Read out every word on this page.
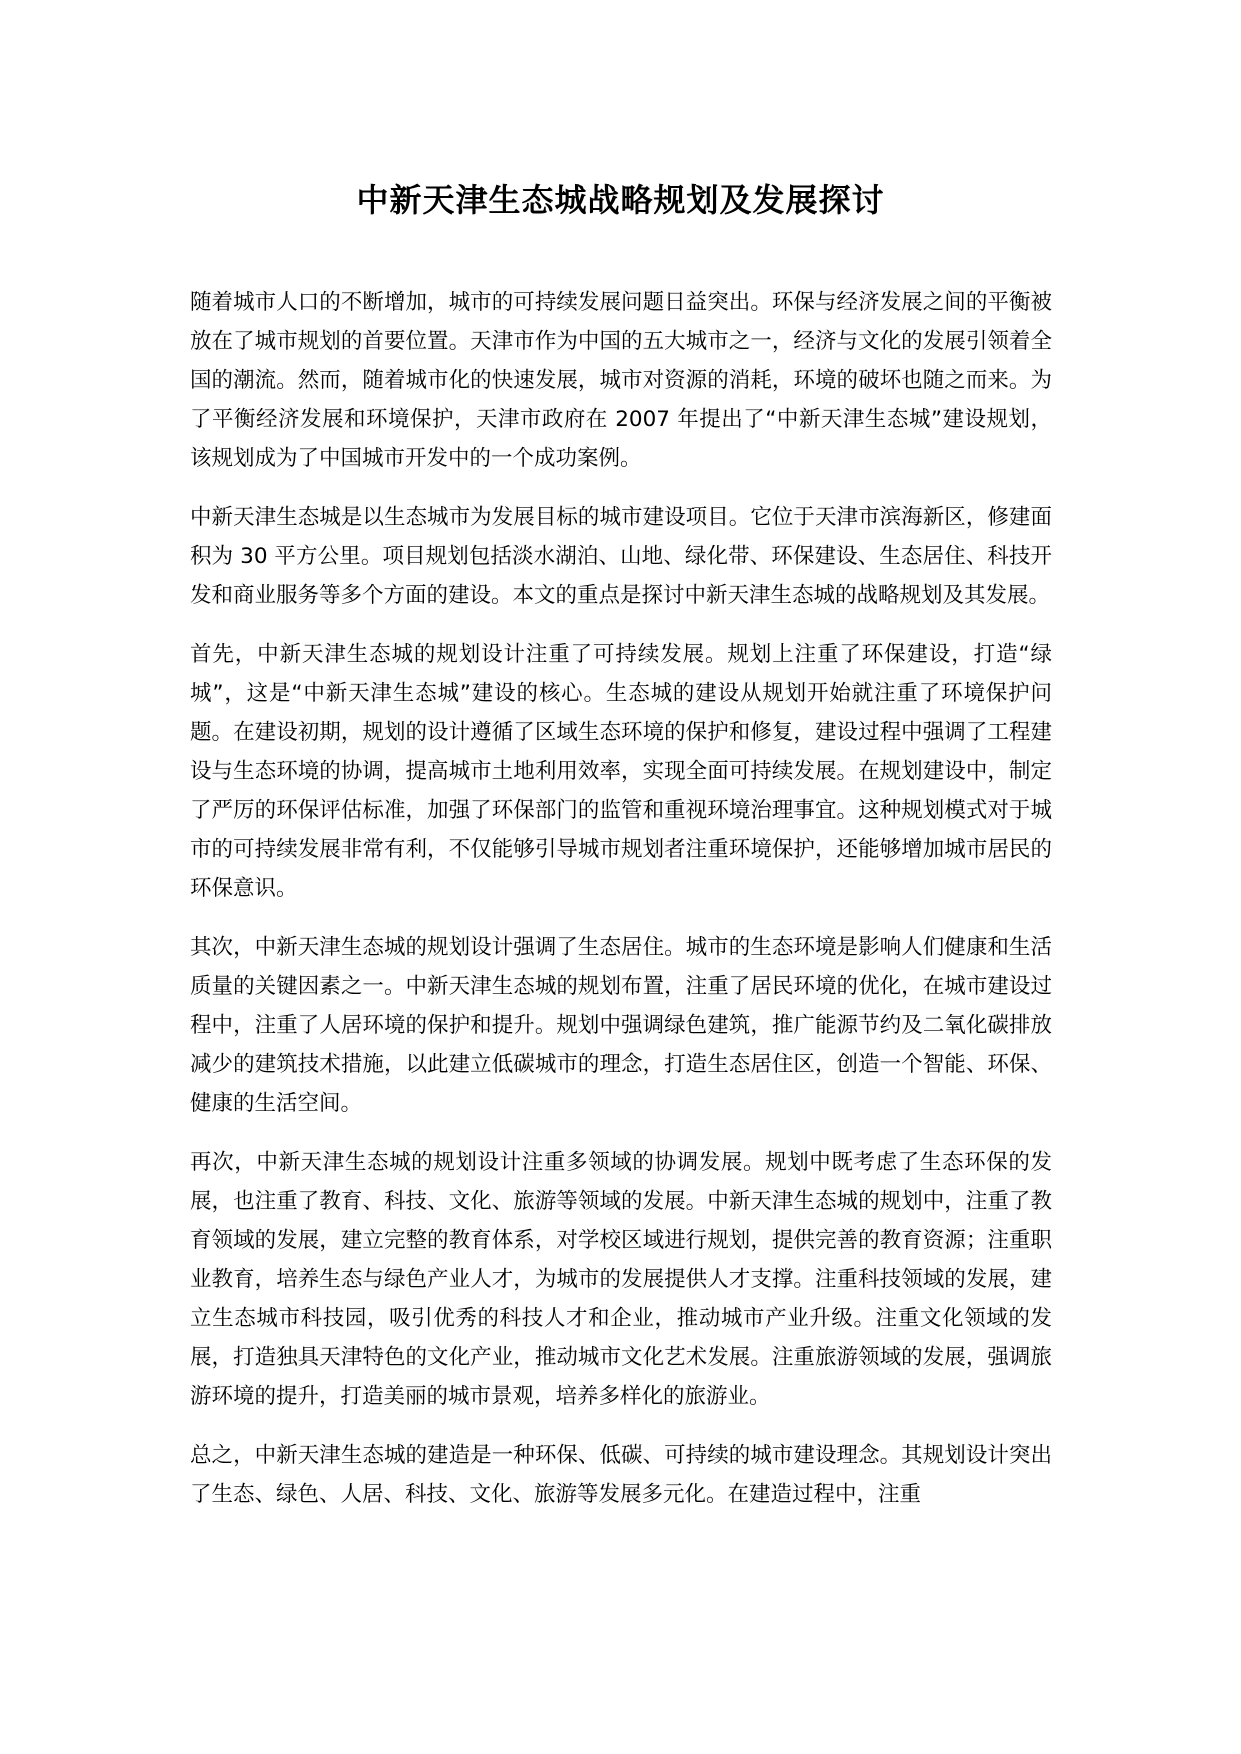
中新天津生态城战略规划及发展探讨

随着城市人口的不断增加，城市的可持续发展问题日益突出。环保与经济发展之间的平衡被放在了城市规划的首要位置。天津市作为中国的五大城市之一，经济与文化的发展引领着全国的潮流。然而，随着城市化的快速发展，城市对资源的消耗，环境的破坏也随之而来。为了平衡经济发展和环境保护，天津市政府在 2007 年提出了“中新天津生态城”建设规划，该规划成为了中国城市开发中的一个成功案例。

中新天津生态城是以生态城市为发展目标的城市建设项目。它位于天津市滨海新区，修建面积为 30 平方公里。项目规划包括淡水湖泊、山地、绿化带、环保建设、生态居住、科技开发和商业服务等多个方面的建设。本文的重点是探讨中新天津生态城的战略规划及其发展。

首先，中新天津生态城的规划设计注重了可持续发展。规划上注重了环保建设，打造“绿城”，这是“中新天津生态城”建设的核心。生态城的建设从规划开始就注重了环境保护问题。在建设初期，规划的设计遵循了区域生态环境的保护和修复，建设过程中强调了工程建设与生态环境的协调，提高城市土地利用效率，实现全面可持续发展。在规划建设中，制定了严厉的环保评估标准，加强了环保部门的监管和重视环境治理事宜。这种规划模式对于城市的可持续发展非常有利，不仅能够引导城市规划者注重环境保护，还能够增加城市居民的环保意识。

其次，中新天津生态城的规划设计强调了生态居住。城市的生态环境是影响人们健康和生活质量的关键因素之一。中新天津生态城的规划布置，注重了居民环境的优化，在城市建设过程中，注重了人居环境的保护和提升。规划中强调绿色建筑，推广能源节约及二氧化碳排放减少的建筑技术措施，以此建立低碳城市的理念，打造生态居住区，创造一个智能、环保、健康的生活空间。

再次，中新天津生态城的规划设计注重多领域的协调发展。规划中既考虑了生态环保的发展，也注重了教育、科技、文化、旅游等领域的发展。中新天津生态城的规划中，注重了教育领域的发展，建立完整的教育体系，对学校区域进行规划，提供完善的教育资源；注重职业教育，培养生态与绿色产业人才，为城市的发展提供人才支撑。注重科技领域的发展，建立生态城市科技园，吸引优秀的科技人才和企业，推动城市产业升级。注重文化领域的发展，打造独具天津特色的文化产业，推动城市文化艺术发展。注重旅游领域的发展，强调旅游环境的提升，打造美丽的城市景观，培养多样化的旅游业。

总之，中新天津生态城的建造是一种环保、低碳、可持续的城市建设理念。其规划设计突出了生态、绿色、人居、科技、文化、旅游等发展多元化。在建造过程中，注重
